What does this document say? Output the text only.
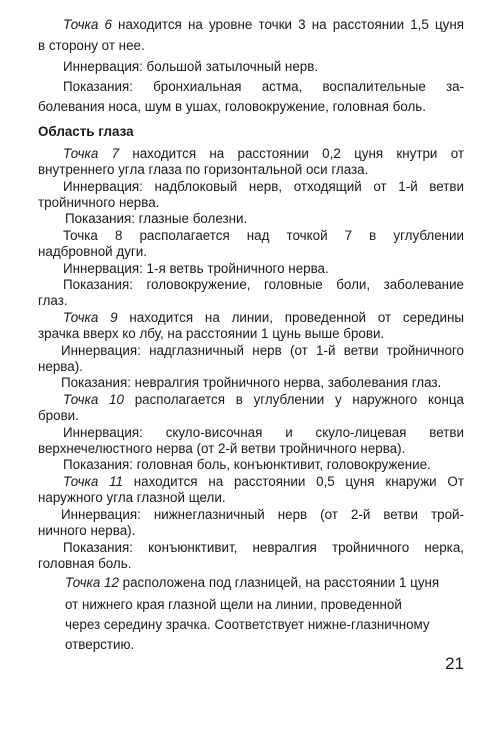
Точка 6 находится на уровне точки 3 на расстоянии 1,5 цуня
в сторону от нее.
Иннервация: большой затылочный нерв.
Показания: бронхиальная астма, воспалительные за-
болевания носа, шум в ушах, головокружение, головная боль.
Область глаза
Точка 7 находится на расстоянии 0,2 цуня кнутри от
внутреннего угла глаза по горизонтальной оси глаза.
Иннервация: надблоковый нерв, отходящий от 1-й ветви
тройничного нерва.
Показания: глазные болезни.
Точка 8 располагается над точкой 7 в углублении
надбровной дуги.
Иннервация: 1-я ветвь тройничного нерва.
Показания: головокружение, головные боли, заболевание
глаз.
Точка 9 находится на линии, проведенной от середины
зрачка вверх ко лбу, на расстоянии 1 цунь выше брови.
Иннервация: надглазничный нерв (от 1-й ветви тройничного
нерва).
Показания: невралгия тройничного нерва, заболевания глаз.
Точка 10 располагается в углублении у наружного конца
брови.
Иннервация: скуло-височная и скуло-лицевая ветви
верхнечелюстного нерва (от 2-й ветви тройничного нерва).
Показания: головная боль, конъюнктивит, головокружение.
Точка 11 находится на расстоянии 0,5 цуня кнаружи От
наружного угла глазной щели.
Иннервация: нижнеглазничный нерв (от 2-й ветви трой-
ничного нерва).
Показания: конъюнктивит, невралгия тройничного нерка,
головная боль.
Точка 12 расположена под глазницей, на расстоянии 1 цуня
от нижнего края глазной щели на линии, проведенной
через середину зрачка. Соответствует нижне-глазничному
отверстию.
21
